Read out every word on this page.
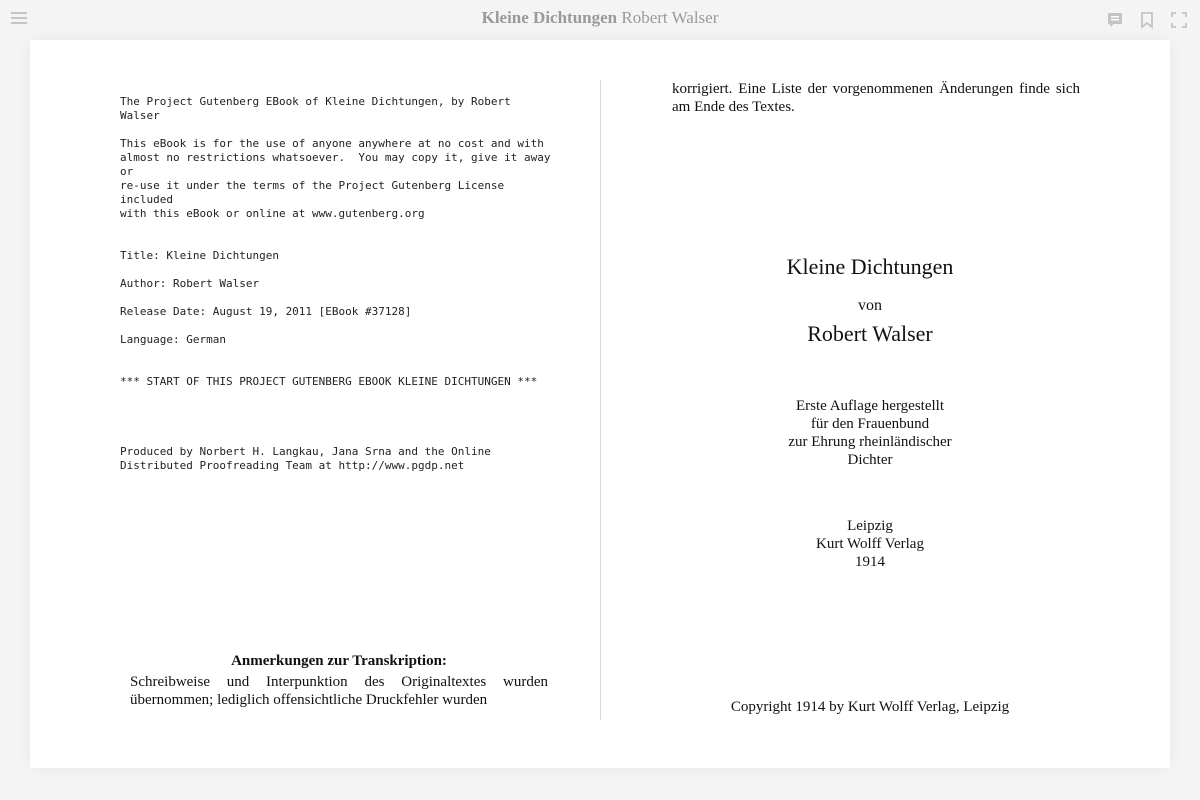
Kleine Dichtungen Robert Walser
The Project Gutenberg EBook of Kleine Dichtungen, by Robert
Walser

This eBook is for the use of anyone anywhere at no cost and with
almost no restrictions whatsoever.  You may copy it, give it away
or
re-use it under the terms of the Project Gutenberg License
included
with this eBook or online at www.gutenberg.org

Title: Kleine Dichtungen

Author: Robert Walser

Release Date: August 19, 2011 [EBook #37128]

Language: German

*** START OF THIS PROJECT GUTENBERG EBOOK KLEINE DICHTUNGEN ***

Produced by Norbert H. Langkau, Jana Srna and the Online
Distributed Proofreading Team at http://www.pgdp.net
Anmerkungen zur Transkription:

Schreibweise und Interpunktion des Originaltextes wurden übernommen; lediglich offensichtliche Druckfehler wurden

korrigiert. Eine Liste der vorgenommenen Änderungen finde sich am Ende des Textes.
Kleine Dichtungen
von
Robert Walser
Erste Auflage hergestellt
für den Frauenbund
zur Ehrung rheinländischer
Dichter
Leipzig
Kurt Wolff Verlag
1914
Copyright 1914 by Kurt Wolff Verlag, Leipzig
